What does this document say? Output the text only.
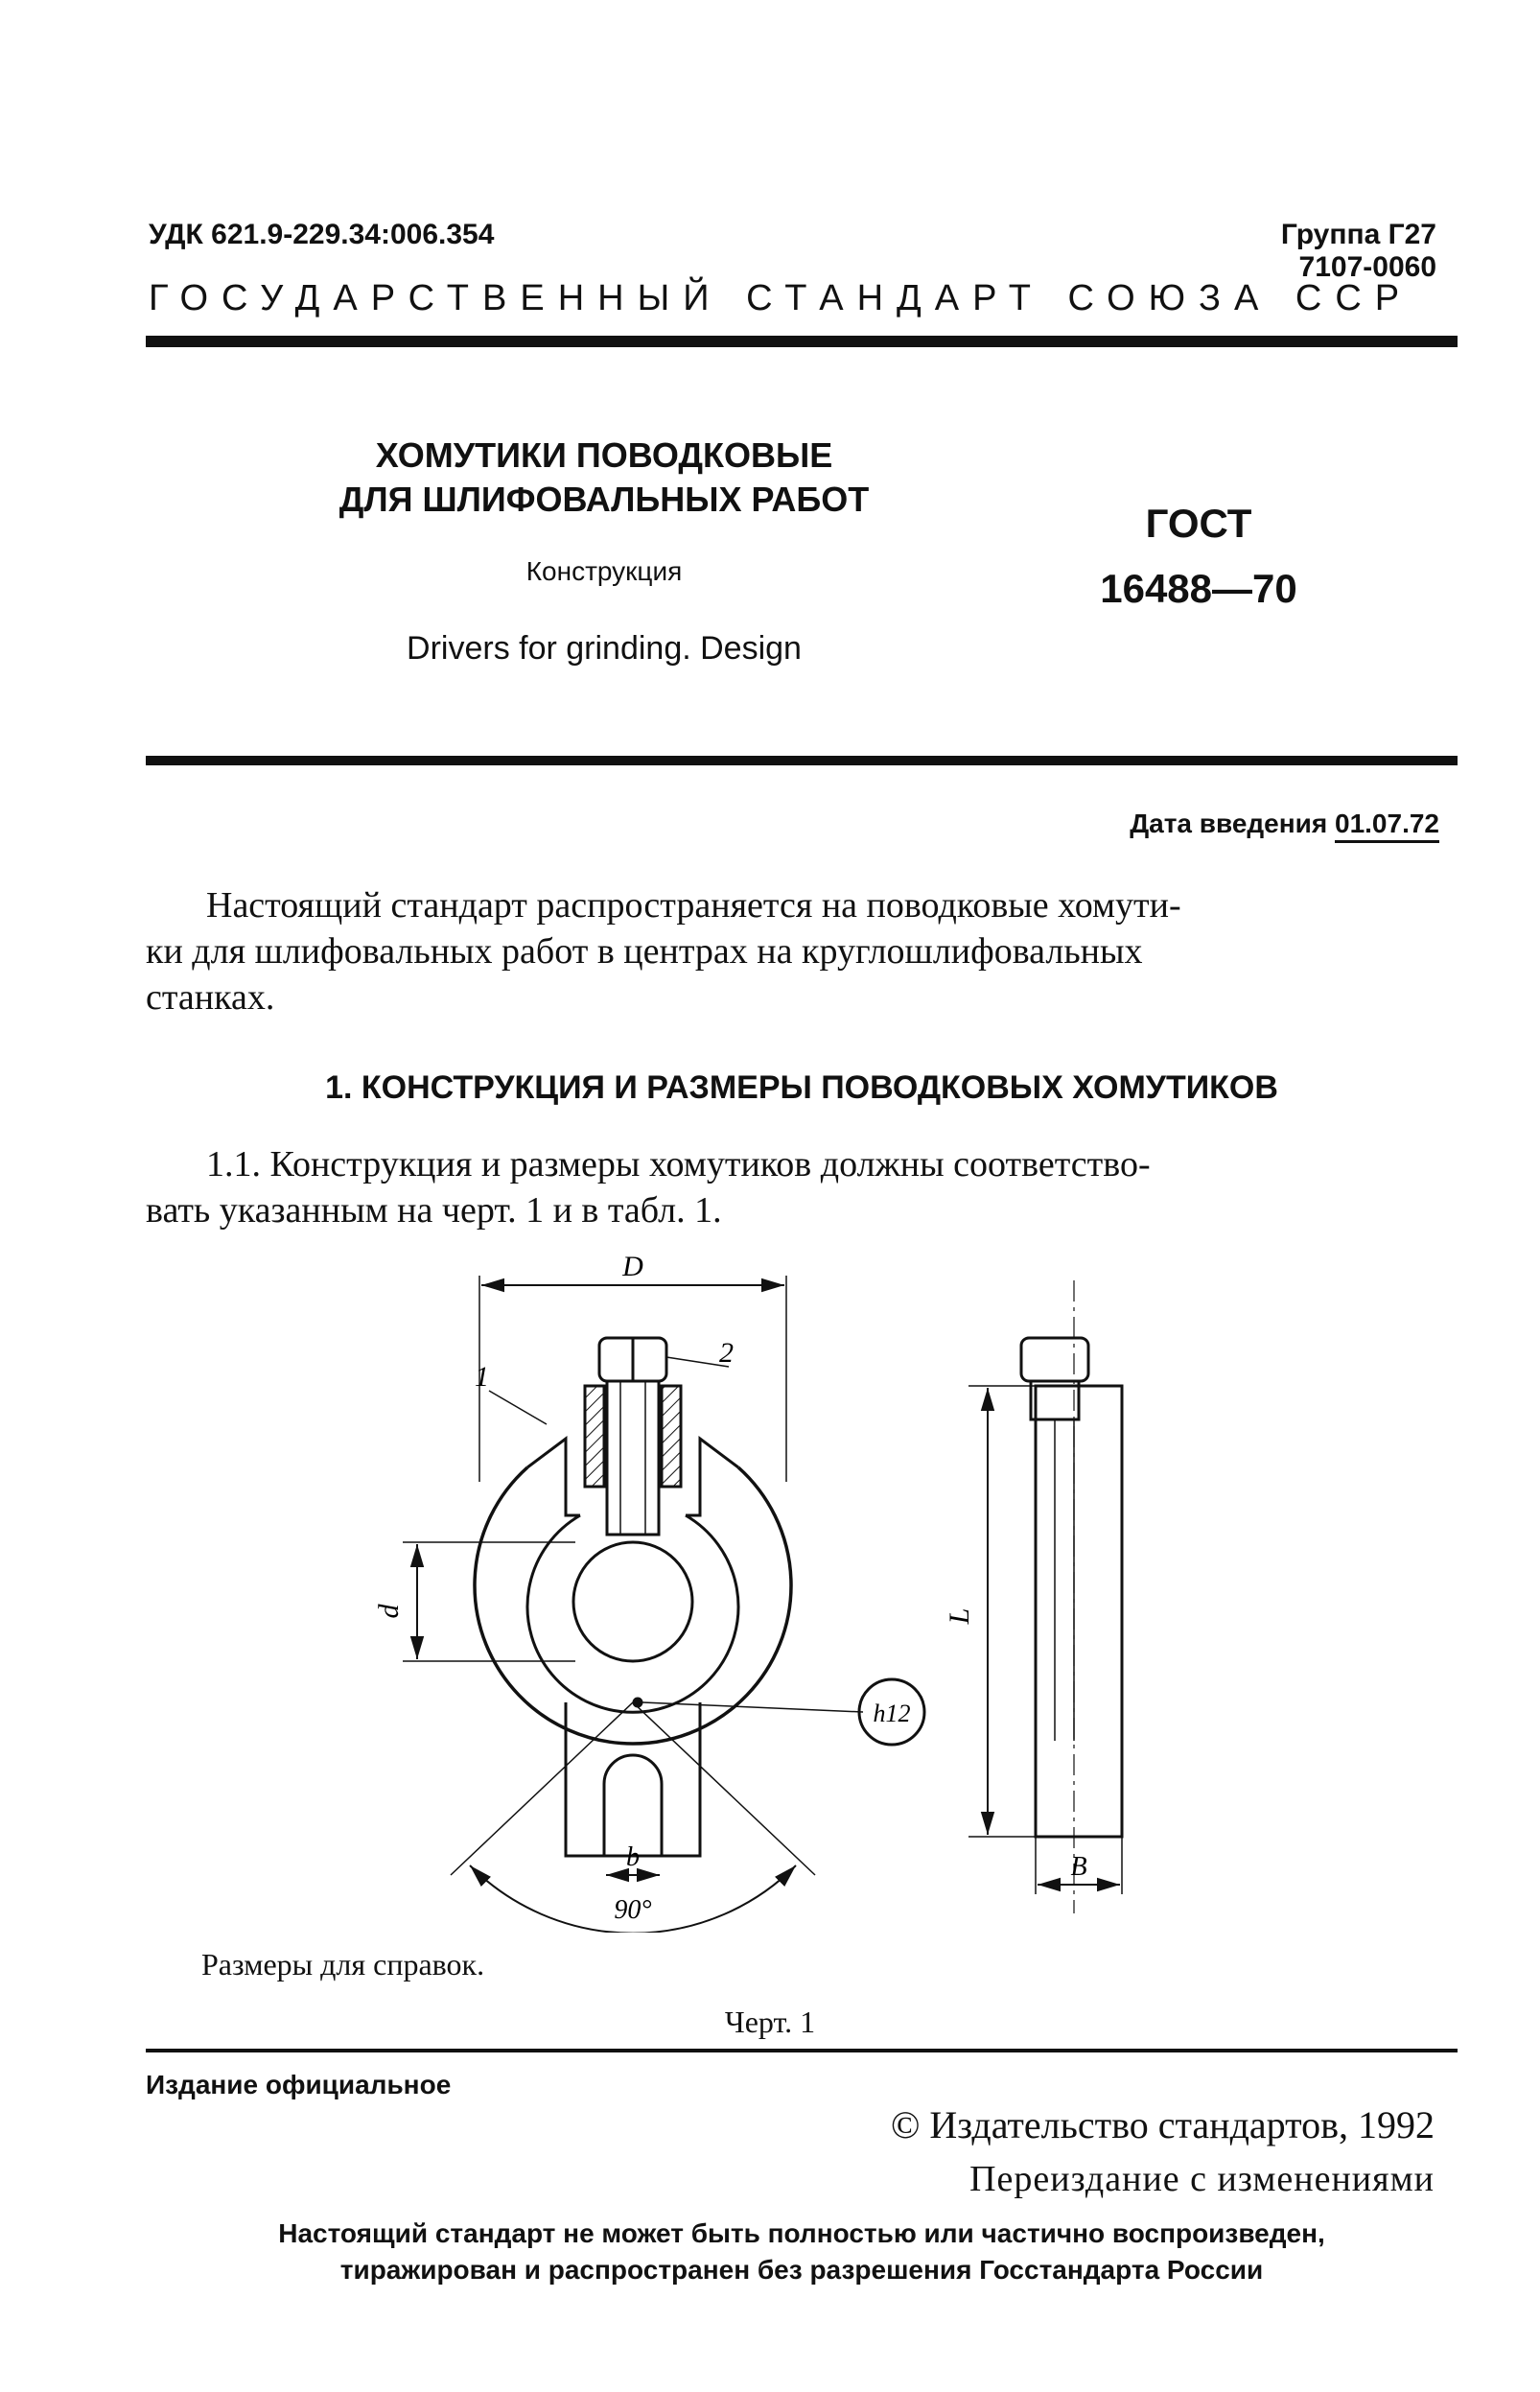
УДК 621.9-229.34:006.354	Группа Г27
7107-0060
ГОСУДАРСТВЕННЫЙ СТАНДАРТ СОЮЗА ССР
ХОМУТИКИ ПОВОДКОВЫЕ
ДЛЯ ШЛИФОВАЛЬНЫХ РАБОТ
Конструкция
Drivers for grinding. Design
ГОСТ
16488—70
Дата введения 01.07.72
Настоящий стандарт распространяется на поводковые хомути-
ки для шлифовальных работ в центрах на круглошлифовальных
станках.
1. КОНСТРУКЦИЯ И РАЗМЕРЫ ПОВОДКОВЫХ ХОМУТИКОВ
1.1. Конструкция и размеры хомутиков должны соответство-
вать указанным на черт. 1 и в табл. 1.
D
d
b
90°
1
2
h12
L
B
Размеры для справок.
Черт. 1
Издание официальное
© Издательство стандартов, 1992
Переиздание с изменениями
Настоящий стандарт не может быть полностью или частично воспроизведен,
тиражирован и распространен без разрешения Госстандарта России
